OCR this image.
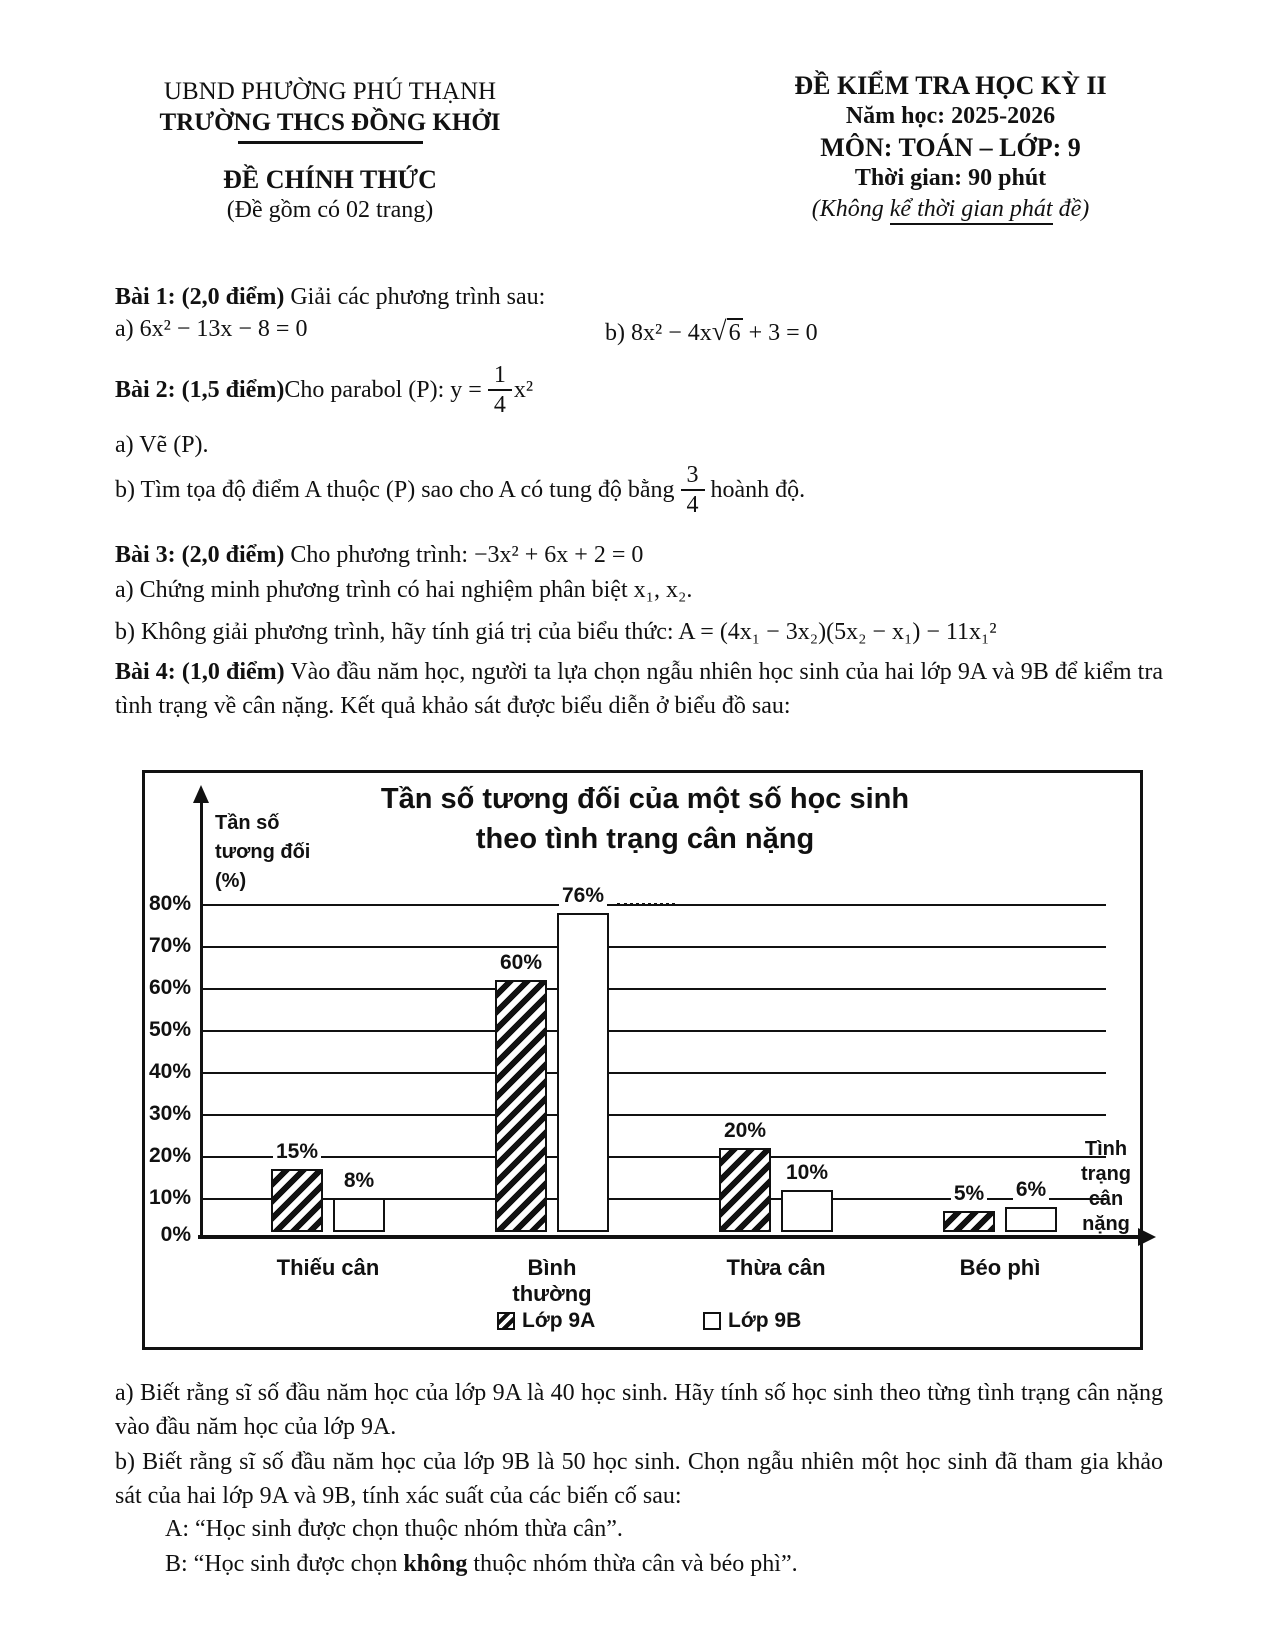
UBND PHƯỜNG PHÚ THẠNH
TRƯỜNG THCS ĐỒNG KHỞI
ĐỀ CHÍNH THỨC
(Đề gồm có 02 trang)
ĐỀ KIỂM TRA HỌC KỲ II
Năm học: 2025-2026
MÔN: TOÁN – LỚP: 9
Thời gian: 90 phút
(Không kể thời gian phát đề)
Bài 1: (2,0 điểm) Giải các phương trình sau:
a) 6x² − 13x − 8 = 0	b) 8x² − 4x√6 + 3 = 0
Bài 2: (1,5 điểm) Cho parabol (P): $y = \frac{1}{4} x^2$
a) Vẽ (P).
b) Tìm tọa độ điểm A thuộc (P) sao cho A có tung độ bằng $\frac{3}{4}$ hoành độ.
Bài 3: (2,0 điểm) Cho phương trình: −3x² + 6x + 2 = 0
a) Chứng minh phương trình có hai nghiệm phân biệt x₁, x₂.
b) Không giải phương trình, hãy tính giá trị của biểu thức: A = (4x₁ − 3x₂)(5x₂ − x₁) − 11x₁²
Bài 4: (1,0 điểm) Vào đầu năm học, người ta lựa chọn ngẫu nhiên học sinh của hai lớp 9A và 9B để kiểm tra tình trạng về cân nặng. Kết quả khảo sát được biểu diễn ở biểu đồ sau:
Tần số tương đối của một số học sinh
theo tình trạng cân nặng
Tần số
tương đối
(%)
80%
70%
60%
50%
40%
30%
20%
10%
0%
15%
60%
20%
5%
8%
76%
10%
6%
Tình
trạng
cân
nặng
Thiếu cân	Bình thường
Thừa cân	Béo phì
Lớp 9A	Lớp 9B
a) Biết rằng sĩ số đầu năm học của lớp 9A là 40 học sinh. Hãy tính số học sinh theo từng tình trạng cân nặng vào đầu năm học của lớp 9A.
b) Biết rằng sĩ số đầu năm học của lớp 9B là 50 học sinh. Chọn ngẫu nhiên một học sinh đã tham gia khảo sát của hai lớp 9A và 9B, tính xác suất của các biến cố sau:
A: “Học sinh được chọn thuộc nhóm thừa cân”.
B: “Học sinh được chọn không thuộc nhóm thừa cân và béo phì”.
